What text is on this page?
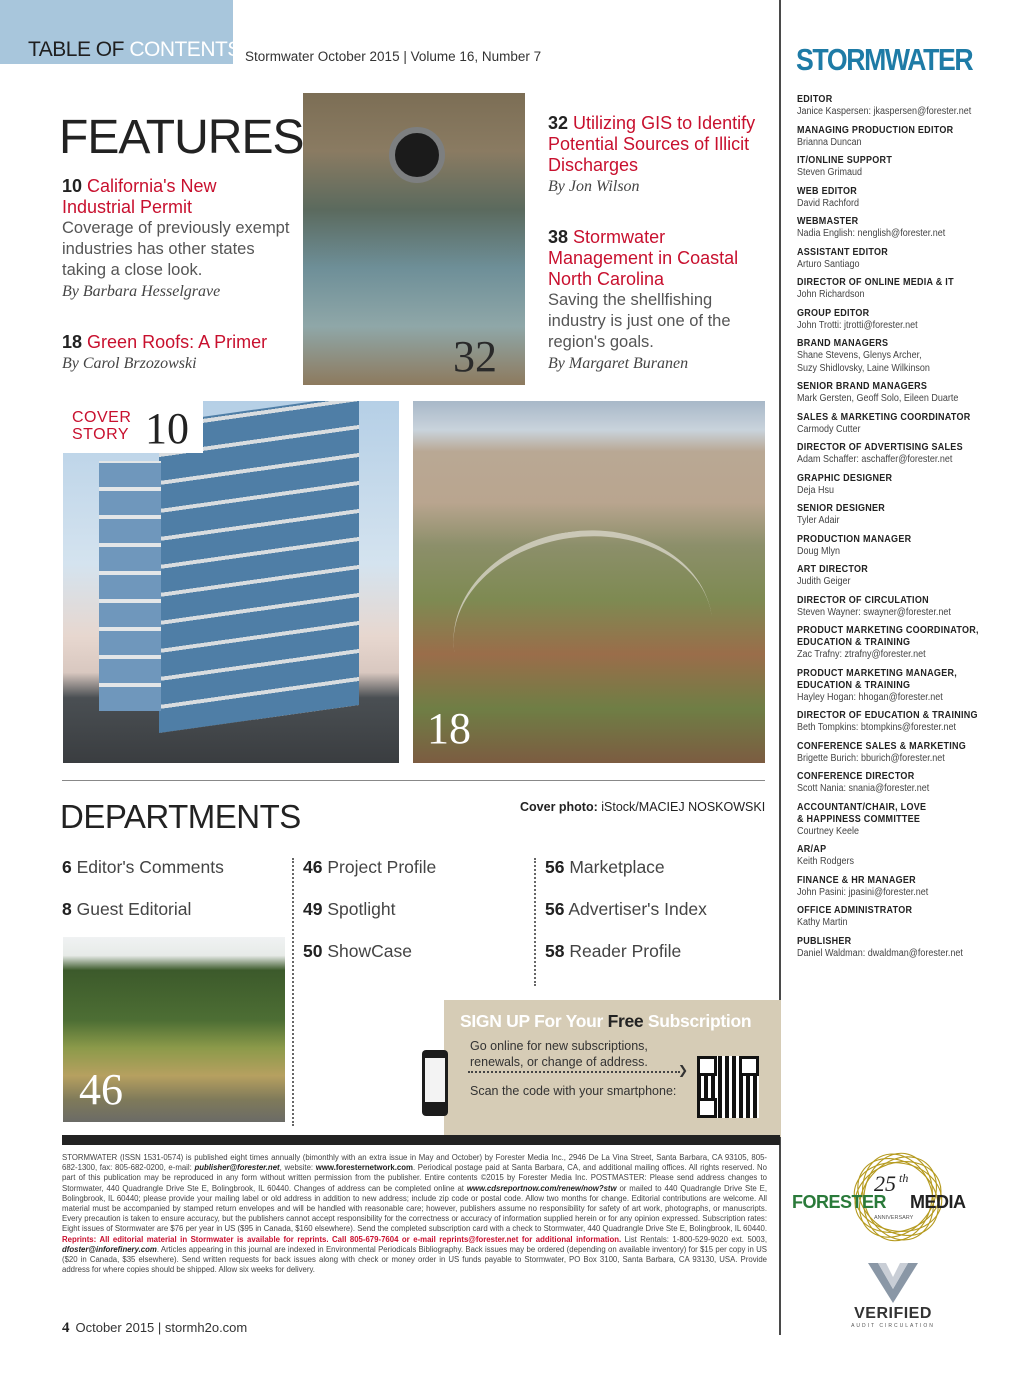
TABLE OF CONTENTS Stormwater October 2015 | Volume 16, Number 7
FEATURES
10 California's New Industrial Permit
Coverage of previously exempt industries has other states taking a close look.
By Barbara Hesselgrave
18 Green Roofs: A Primer
By Carol Brzozowski
32 Utilizing GIS to Identify Potential Sources of Illicit Discharges
By Jon Wilson
38 Stormwater Management in Coastal North Carolina
Saving the shellfishing industry is just one of the region's goals.
By Margaret Buranen
32
COVER STORY 10
18
DEPARTMENTS	Cover photo: iStock/MACIEJ NOSKOWSKI
6 Editor's Comments
8 Guest Editorial
46 Project Profile
49 Spotlight
50 ShowCase
56 Marketplace
56 Advertiser's Index
58 Reader Profile
46
SIGN UP For Your Free Subscription
Go online for new subscriptions,
renewals, or change of address.
Scan the code with your smartphone:
❯
STORMWATER (ISSN 1531-0574) is published eight times annually (bimonthly with an extra issue in May and October) by Forester Media Inc., 2946 De La Vina Street, Santa Barbara, CA 93105, 805-682-1300, fax: 805-682-0200, e-mail: publisher@forester.net, website: www.foresternetwork.com. Periodical postage paid at Santa Barbara, CA, and additional mailing offices. All rights reserved. No part of this publication may be reproduced in any form without written permission from the publisher. Entire contents ©2015 by Forester Media Inc. POSTMASTER: Please send address changes to Stormwater, 440 Quadrangle Drive Ste E, Bolingbrook, IL 60440. Changes of address can be completed online at www.cdsreportnow.com/renew/now?stw or mailed to 440 Quadrangle Drive Ste E, Bolingbrook, IL 60440; please provide your mailing label or old address in addition to new address; include zip code or postal code. Allow two months for change. Editorial contributions are welcome. All material must be accompanied by stamped return envelopes and will be handled with reasonable care; however, publishers assume no responsibility for safety of art work, photographs, or manuscripts. Every precaution is taken to ensure accuracy, but the publishers cannot accept responsibility for the correctness or accuracy of information supplied herein or for any opinion expressed. Subscription rates: Eight issues of Stormwater are $76 per year in US ($95 in Canada, $160 elsewhere). Send the completed subscription card with a check to Stormwater, 440 Quadrangle Drive Ste E, Bolingbrook, IL 60440. Reprints: All editorial material in Stormwater is available for reprints. Call 805-679-7604 or e-mail reprints@forester.net for additional information. List Rentals: 1-800-529-9020 ext. 5003, dfoster@inforefinery.com. Articles appearing in this journal are indexed in Environmental Periodicals Bibliography. Back issues may be ordered (depending on available inventory) for $15 per copy in US ($20 in Canada, $35 elsewhere). Send written requests for back issues along with check or money order in US funds payable to Stormwater, PO Box 3100, Santa Barbara, CA 93130, USA. Provide address for where copies should be shipped. Allow six weeks for delivery.
4 October 2015 | stormh2o.com
STORMWATER
EDITOR
Janice Kaspersen: jkaspersen@forester.net
MANAGING PRODUCTION EDITOR
Brianna Duncan
IT/ONLINE SUPPORT
Steven Grimaud
WEB EDITOR
David Rachford
WEBMASTER
Nadia English: nenglish@forester.net
ASSISTANT EDITOR
Arturo Santiago
DIRECTOR OF ONLINE MEDIA & IT
John Richardson
GROUP EDITOR
John Trotti: jtrotti@forester.net
BRAND MANAGERS
Shane Stevens, Glenys Archer,
Suzy Shidlovsky, Laine Wilkinson
SENIOR BRAND MANAGERS
Mark Gersten, Geoff Solo, Eileen Duarte
SALES & MARKETING COORDINATOR
Carmody Cutter
DIRECTOR OF ADVERTISING SALES
Adam Schaffer: aschaffer@forester.net
GRAPHIC DESIGNER
Deja Hsu
SENIOR DESIGNER
Tyler Adair
PRODUCTION MANAGER
Doug Mlyn
ART DIRECTOR
Judith Geiger
DIRECTOR OF CIRCULATION
Steven Wayner: swayner@forester.net
PRODUCT MARKETING COORDINATOR,
EDUCATION & TRAINING
Zac Trafny: ztrafny@forester.net
PRODUCT MARKETING MANAGER,
EDUCATION & TRAINING
Hayley Hogan: hhogan@forester.net
DIRECTOR OF EDUCATION & TRAINING
Beth Tompkins: btompkins@forester.net
CONFERENCE SALES & MARKETING
Brigette Burich: bburich@forester.net
CONFERENCE DIRECTOR
Scott Nania: snania@forester.net
ACCOUNTANT/CHAIR, LOVE
& HAPPINESS COMMITTEE
Courtney Keele
AR/AP
Keith Rodgers
FINANCE & HR MANAGER
John Pasini: jpasini@forester.net
OFFICE ADMINISTRATOR
Kathy Martin
PUBLISHER
Daniel Waldman: dwaldman@forester.net
25 th
FORESTER MEDIA
ANNIVERSARY
VERIFIED
AUDIT CIRCULATION
